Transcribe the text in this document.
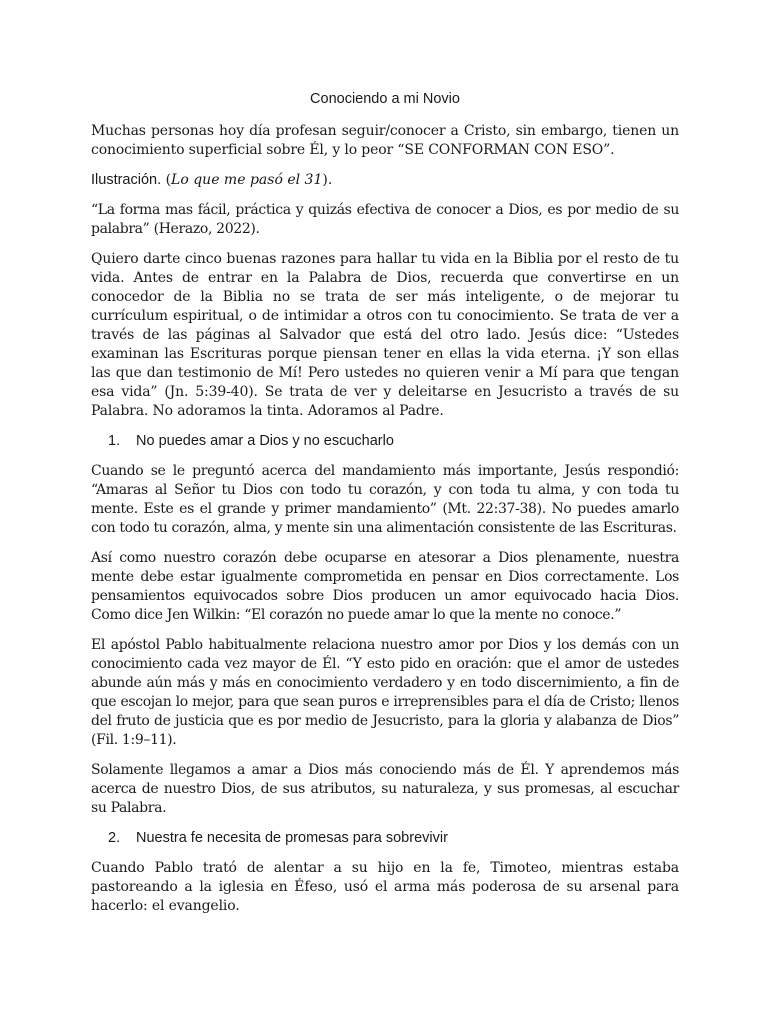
Conociendo a mi Novio

Muchas personas hoy día profesan seguir/conocer a Cristo, sin embargo, tienen un conocimiento superficial sobre Él, y lo peor “SE CONFORMAN CON ESO”.

Ilustración. (Lo que me pasó el 31).

“La forma mas fácil, práctica y quizás efectiva de conocer a Dios, es por medio de su palabra” (Herazo, 2022).

Quiero darte cinco buenas razones para hallar tu vida en la Biblia por el resto de tu vida. Antes de entrar en la Palabra de Dios, recuerda que convertirse en un conocedor de la Biblia no se trata de ser más inteligente, o de mejorar tu currículum espiritual, o de intimidar a otros con tu conocimiento. Se trata de ver a través de las páginas al Salvador que está del otro lado. Jesús dice: “Ustedes examinan las Escrituras porque piensan tener en ellas la vida eterna. ¡Y son ellas las que dan testimonio de Mí! Pero ustedes no quieren venir a Mí para que tengan esa vida” (Jn. 5:39-40). Se trata de ver y deleitarse en Jesucristo a través de su Palabra. No adoramos la tinta. Adoramos al Padre.

1. No puedes amar a Dios y no escucharlo

Cuando se le preguntó acerca del mandamiento más importante, Jesús respondió: “Amaras al Señor tu Dios con todo tu corazón, y con toda tu alma, y con toda tu mente. Este es el grande y primer mandamiento” (Mt. 22:37-38). No puedes amarlo con todo tu corazón, alma, y mente sin una alimentación consistente de las Escrituras.

Así como nuestro corazón debe ocuparse en atesorar a Dios plenamente, nuestra mente debe estar igualmente comprometida en pensar en Dios correctamente. Los pensamientos equivocados sobre Dios producen un amor equivocado hacia Dios. Como dice Jen Wilkin: “El corazón no puede amar lo que la mente no conoce.”

El apóstol Pablo habitualmente relaciona nuestro amor por Dios y los demás con un conocimiento cada vez mayor de Él. “Y esto pido en oración: que el amor de ustedes abunde aún más y más en conocimiento verdadero y en todo discernimiento, a fin de que escojan lo mejor, para que sean puros e irreprensibles para el día de Cristo; llenos del fruto de justicia que es por medio de Jesucristo, para la gloria y alabanza de Dios” (Fil. 1:9–11).

Solamente llegamos a amar a Dios más conociendo más de Él. Y aprendemos más acerca de nuestro Dios, de sus atributos, su naturaleza, y sus promesas, al escuchar su Palabra.

2. Nuestra fe necesita de promesas para sobrevivir

Cuando Pablo trató de alentar a su hijo en la fe, Timoteo, mientras estaba pastoreando a la iglesia en Éfeso, usó el arma más poderosa de su arsenal para hacerlo: el evangelio.
